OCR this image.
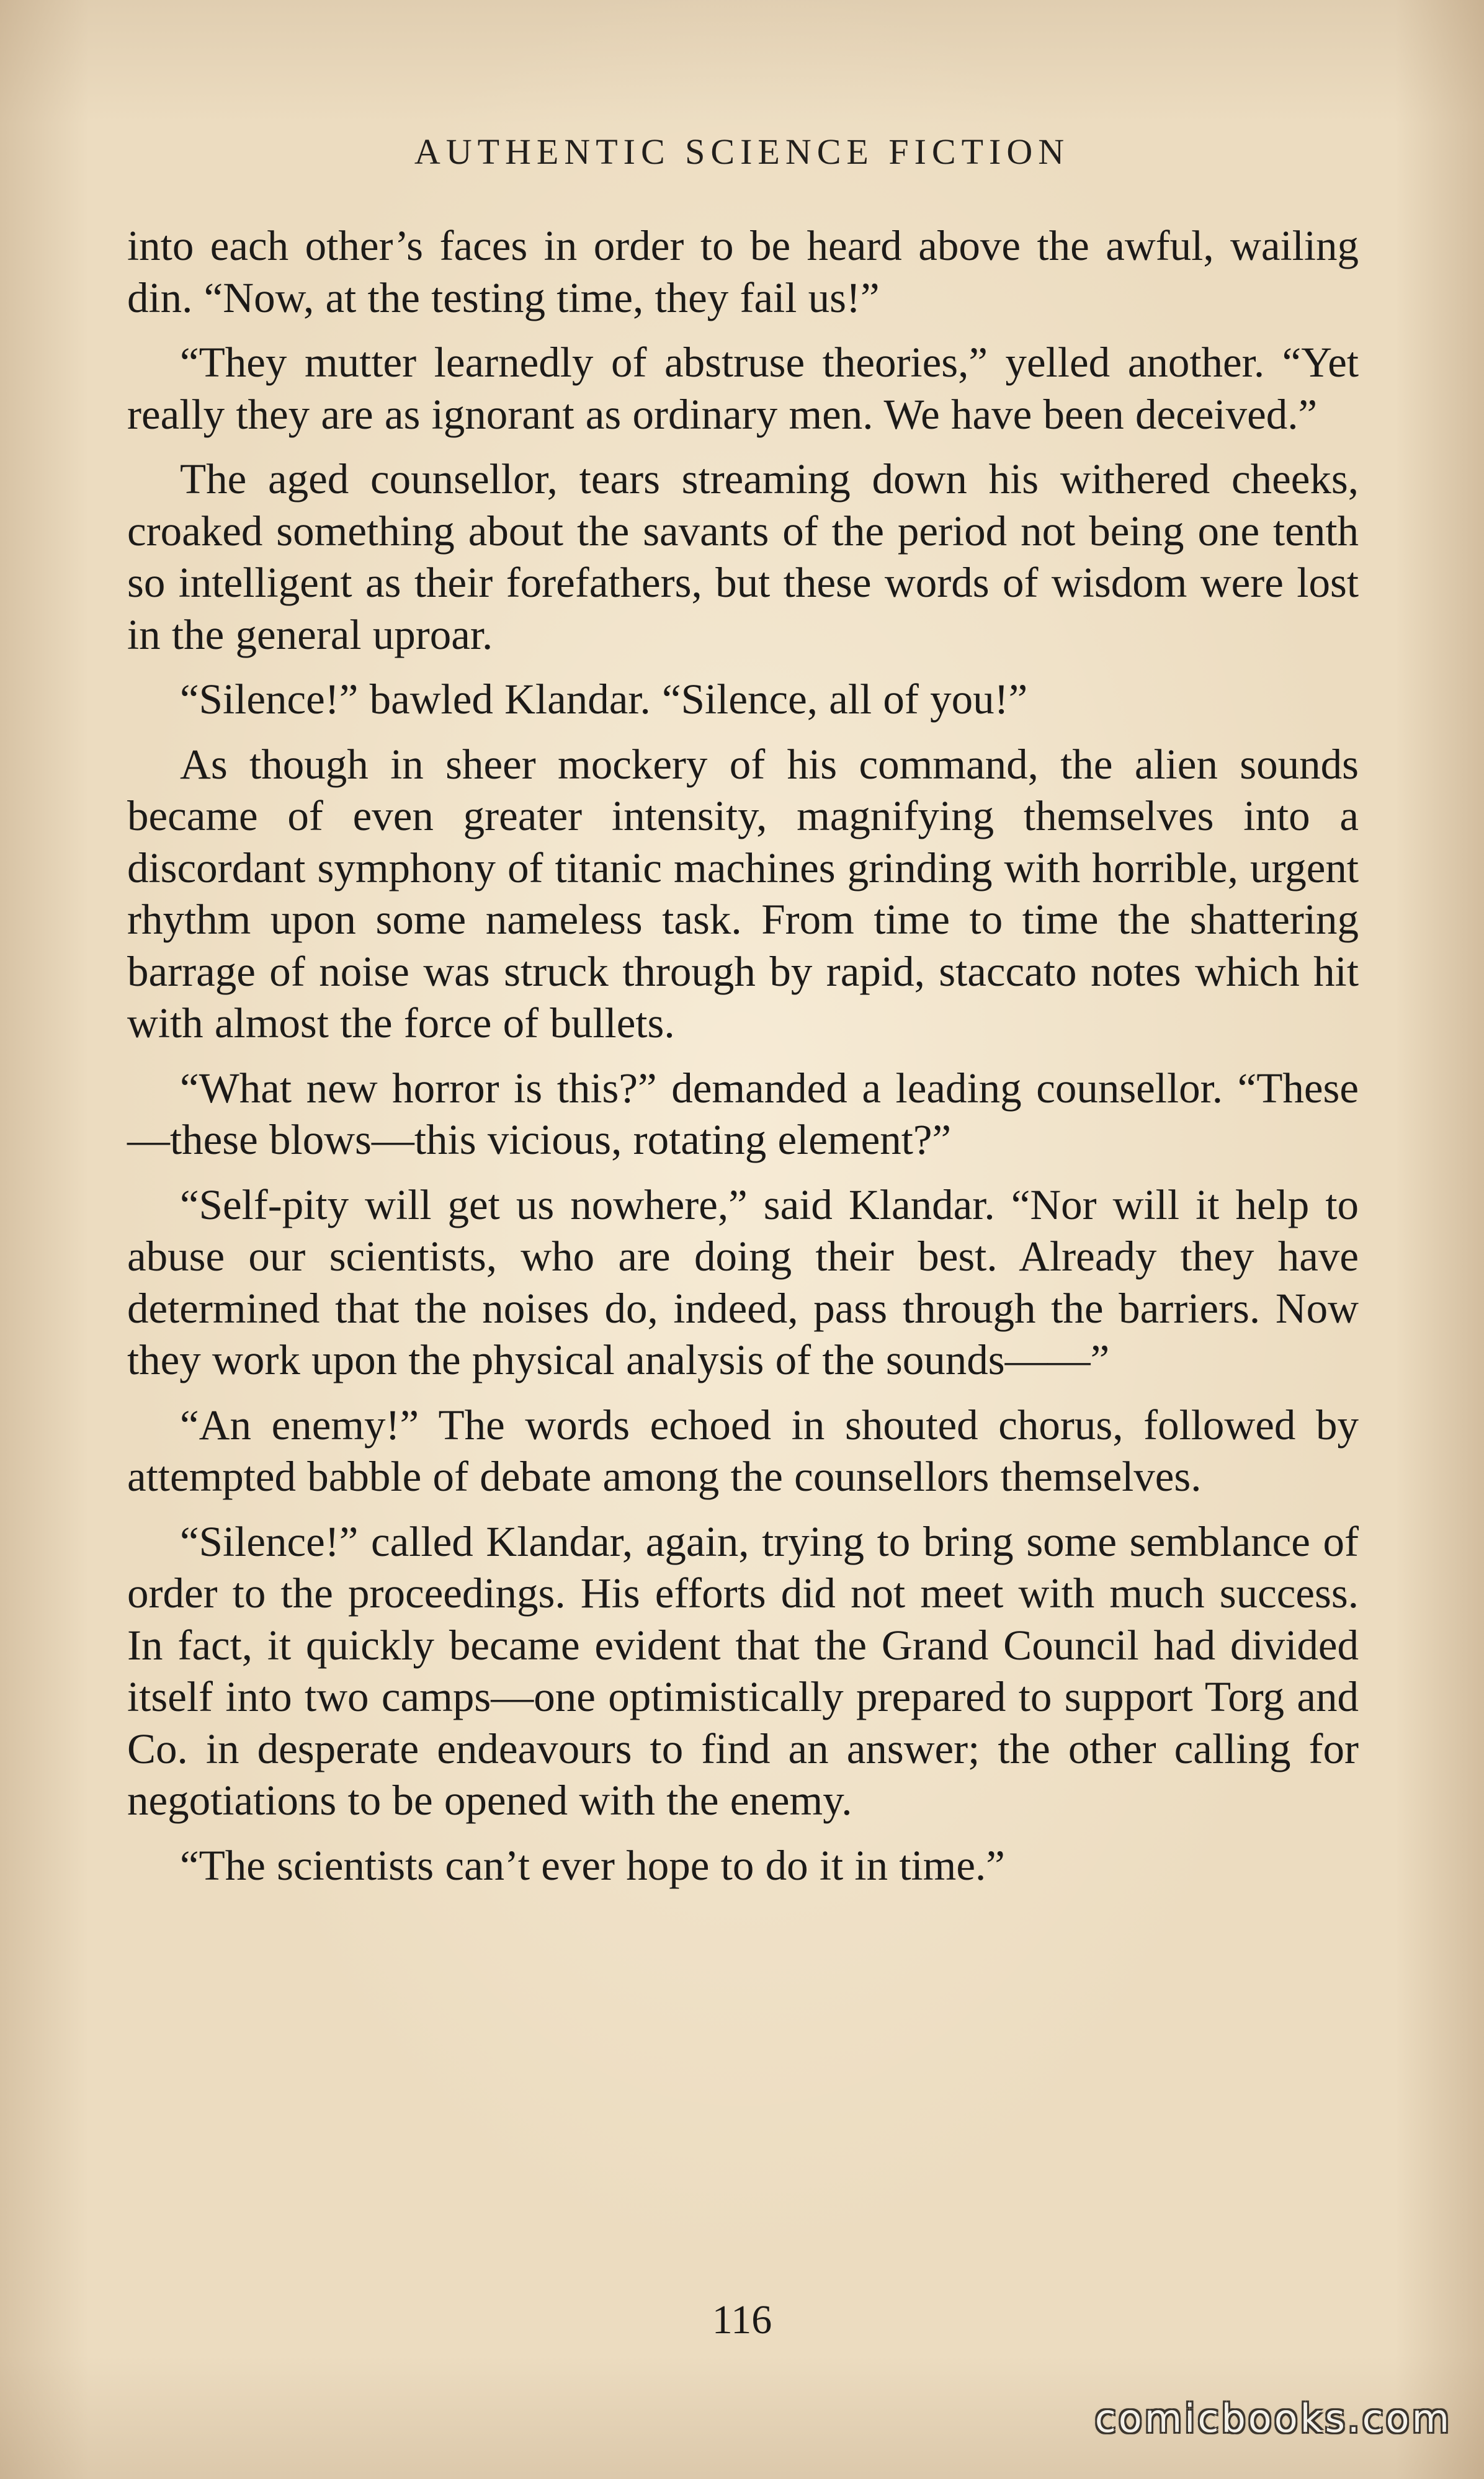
AUTHENTIC SCIENCE FICTION

into each other’s faces in order to be heard above the awful, wailing din. “Now, at the testing time, they fail us!”

“They mutter learnedly of abstruse theories,” yelled another. “Yet really they are as ignorant as ordinary men. We have been deceived.”

The aged counsellor, tears streaming down his withered cheeks, croaked something about the savants of the period not being one tenth so intelligent as their forefathers, but these words of wisdom were lost in the general uproar.

“Silence!” bawled Klandar. “Silence, all of you!”

As though in sheer mockery of his command, the alien sounds became of even greater intensity, magnifying themselves into a discordant symphony of titanic machines grinding with horrible, urgent rhythm upon some nameless task. From time to time the shattering barrage of noise was struck through by rapid, staccato notes which hit with almost the force of bullets.

“What new horror is this?” demanded a leading counsellor. “These—these blows—this vicious, rotating element?”

“Self-pity will get us nowhere,” said Klandar. “Nor will it help to abuse our scientists, who are doing their best. Already they have determined that the noises do, indeed, pass through the barriers. Now they work upon the physical analysis of the sounds——”

“An enemy!” The words echoed in shouted chorus, followed by attempted babble of debate among the counsellors themselves.

“Silence!” called Klandar, again, trying to bring some semblance of order to the proceedings. His efforts did not meet with much success. In fact, it quickly became evident that the Grand Council had divided itself into two camps—one optimistically prepared to support Torg and Co. in desperate endeavours to find an answer; the other calling for negotiations to be opened with the enemy.

“The scientists can’t ever hope to do it in time.”

116
comicbooks.com
